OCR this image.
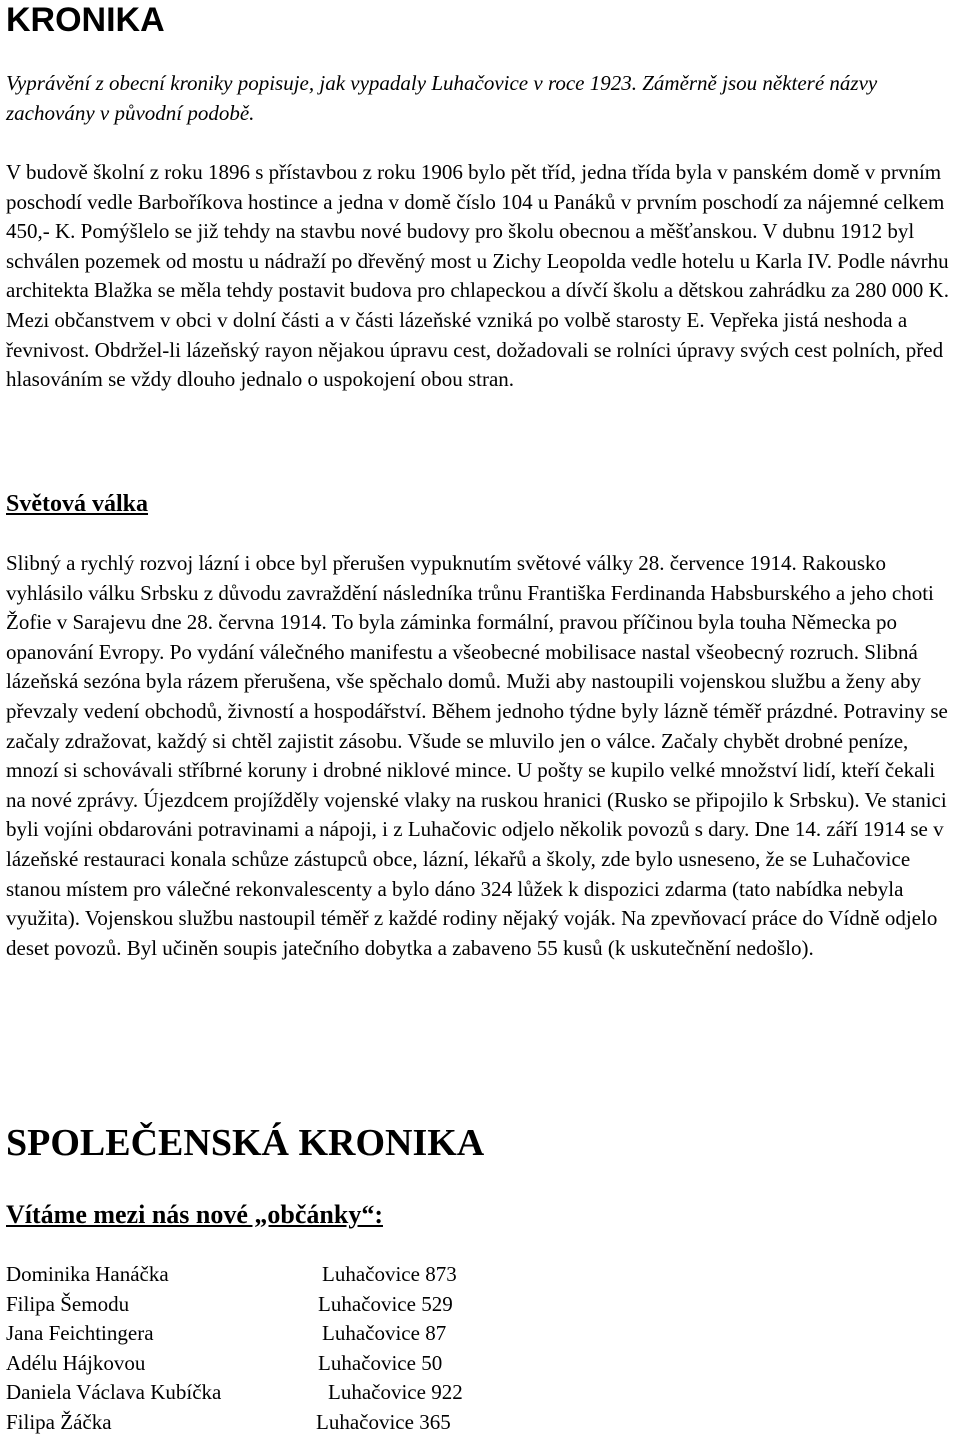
KRONIKA

Vyprávění z obecní kroniky popisuje, jak vypadaly Luhačovice v roce 1923. Záměrně jsou některé názvy zachovány v původní podobě.

V budově školní z roku 1896 s přístavbou z roku 1906 bylo pět tříd, jedna třída byla v panském domě v prvním poschodí vedle Barboříkova hostince a jedna v domě číslo 104 u Panáků v prvním poschodí za nájemné celkem 450,- K. Pomýšlelo se již tehdy na stavbu nové budovy pro školu obecnou a měšťanskou. V dubnu 1912 byl schválen pozemek od mostu u nádraží po dřevěný most u Zichy Leopolda vedle hotelu u Karla IV. Podle návrhu architekta Blažka se měla tehdy postavit budova pro chlapeckou a dívčí školu a dětskou zahrádku za 280 000 K. Mezi občanstvem v obci v dolní části a v části lázeňské vzniká po volbě starosty E. Vepřeka jistá neshoda a řevnivost. Obdržel-li lázeňský rayon nějakou úpravu cest, dožadovali se rolníci úpravy svých cest polních, před hlasováním se vždy dlouho jednalo o uspokojení obou stran.

Světová válka

Slibný a rychlý rozvoj lázní i obce byl přerušen vypuknutím světové války 28. července 1914. Rakousko vyhlásilo válku Srbsku z důvodu zavraždění následníka trůnu Františka Ferdinanda Habsburského a jeho choti Žofie v Sarajevu dne 28. června 1914. To byla záminka formální, pravou příčinou byla touha Německa po opanování Evropy. Po vydání válečného manifestu a všeobecné mobilisace nastal všeobecný rozruch. Slibná lázeňská sezóna byla rázem přerušena, vše spěchalo domů. Muži aby nastoupili vojenskou službu a ženy aby převzaly vedení obchodů, živností a hospodářství. Během jednoho týdne byly lázně téměř prázdné. Potraviny se začaly zdražovat, každý si chtěl zajistit zásobu. Všude se mluvilo jen o válce. Začaly chybět drobné peníze, mnozí si schovávali stříbrné koruny i drobné niklové mince. U pošty se kupilo velké množství lidí, kteří čekali na nové zprávy. Újezdcem projížděly vojenské vlaky na ruskou hranici (Rusko se připojilo k Srbsku). Ve stanici byli vojíni obdarováni potravinami a nápoji, i z Luhačovic odjelo několik povozů s dary. Dne 14. září 1914 se v lázeňské restauraci konala schůze zástupců obce, lázní, lékařů a školy, zde bylo usneseno, že se Luhačovice stanou místem pro válečné rekonvalescenty a bylo dáno 324 lůžek k dispozici zdarma (tato nabídka nebyla využita). Vojenskou službu nastoupil téměř z každé rodiny nějaký voják. Na zpevňovací práce do Vídně odjelo deset povozů. Byl učiněn soupis jatečního dobytka a zabaveno 55 kusů (k uskutečnění nedošlo).

SPOLEČENSKÁ KRONIKA
Vítáme mezi nás nové „občánky“:
Dominika Hanáčka	Luhačovice 873
Filipa Šemodu	Luhačovice 529
Jana Feichtingera	Luhačovice 87
Adélu Hájkovou	Luhačovice 50
Daniela Václava Kubíčka	Luhačovice 922
Filipa Žáčka	Luhačovice 365
